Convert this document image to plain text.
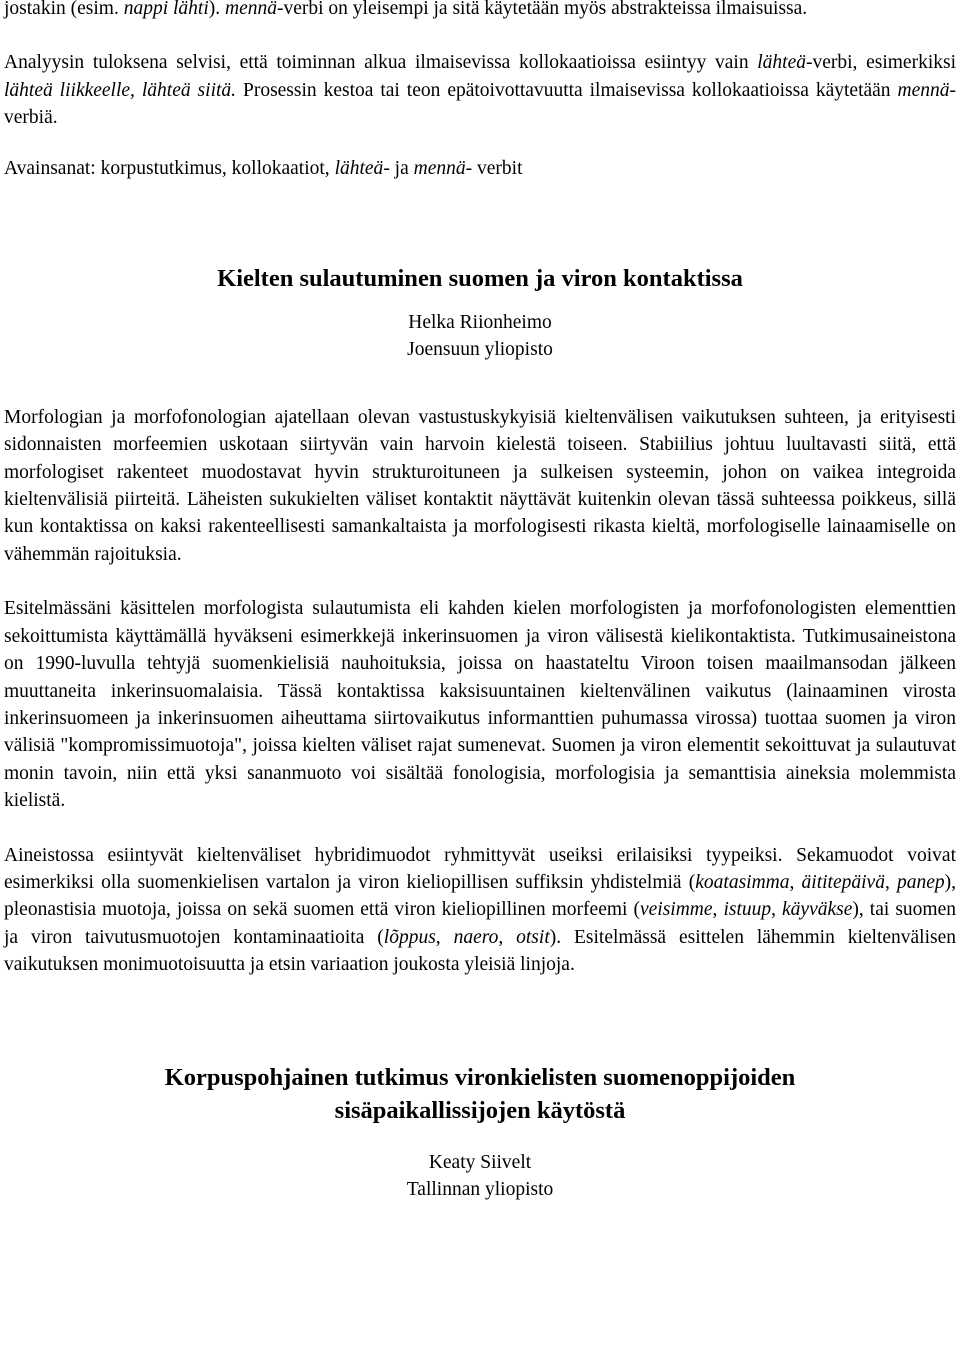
jostakin (esim. nappi lähti). mennä-verbi on yleisempi ja sitä käytetään myös abstrakteissa ilmaisuissa.

Analyysin tuloksena selvisi, että toiminnan alkua ilmaisevissa kollokaatioissa esiintyy vain lähteä-verbi, esimerkiksi lähteä liikkeelle, lähteä siitä. Prosessin kestoa tai teon epätoivottavuutta ilmaisevissa kollokaatioissa käytetään mennä-verbiä.

Avainsanat: korpustutkimus, kollokaatiot, lähteä- ja mennä- verbit

Kielten sulautuminen suomen ja viron kontaktissa

Helka Riionheimo

Joensuun yliopisto

Morfologian ja morfofonologian ajatellaan olevan vastustuskykyisiä kieltenvälisen vaikutuksen suhteen, ja erityisesti sidonnaisten morfeemien uskotaan siirtyvän vain harvoin kielestä toiseen. Stabiilius johtuu luultavasti siitä, että morfologiset rakenteet muodostavat hyvin strukturoituneen ja sulkeisen systeemin, johon on vaikea integroida kieltenvälisiä piirteitä. Läheisten sukukielten väliset kontaktit näyttävät kuitenkin olevan tässä suhteessa poikkeus, sillä kun kontaktissa on kaksi rakenteellisesti samankaltaista ja morfologisesti rikasta kieltä, morfologiselle lainaamiselle on vähemmän rajoituksia.

Esitelmässäni käsittelen morfologista sulautumista eli kahden kielen morfologisten ja morfofonologisten elementtien sekoittumista käyttämällä hyväkseni esimerkkejä inkerinsuomen ja viron välisestä kielikontaktista. Tutkimusaineistona on 1990-luvulla tehtyjä suomenkielisiä nauhoituksia, joissa on haastateltu Viroon toisen maailmansodan jälkeen muuttaneita inkerinsuomalaisia. Tässä kontaktissa kaksisuuntainen kieltenvälinen vaikutus (lainaaminen virosta inkerinsuomeen ja inkerinsuomen aiheuttama siirtovaikutus informanttien puhumassa virossa) tuottaa suomen ja viron välisiä "kompromissimuotoja", joissa kielten väliset rajat sumenevat. Suomen ja viron elementit sekoittuvat ja sulautuvat monin tavoin, niin että yksi sananmuoto voi sisältää fonologisia, morfologisia ja semanttisia aineksia molemmista kielistä.

Aineistossa esiintyvät kieltenväliset hybridimuodot ryhmittyvät useiksi erilaisiksi tyypeiksi. Sekamuodot voivat esimerkiksi olla suomenkielisen vartalon ja viron kieliopillisen suffiksin yhdistelmiä (koatasimma, äititepäivä, panep), pleonastisia muotoja, joissa on sekä suomen että viron kieliopillinen morfeemi (veisimme, istuup, käyväkse), tai suomen ja viron taivutusmuotojen kontaminaatioita (lõppus, naero, otsit). Esitelmässä esittelen lähemmin kieltenvälisen vaikutuksen monimuotoisuutta ja etsin variaation joukosta yleisiä linjoja.

Korpuspohjainen tutkimus vironkielisten suomenoppijoiden
sisäpaikallissijojen käytöstä

Keaty Siivelt

Tallinnan yliopisto
